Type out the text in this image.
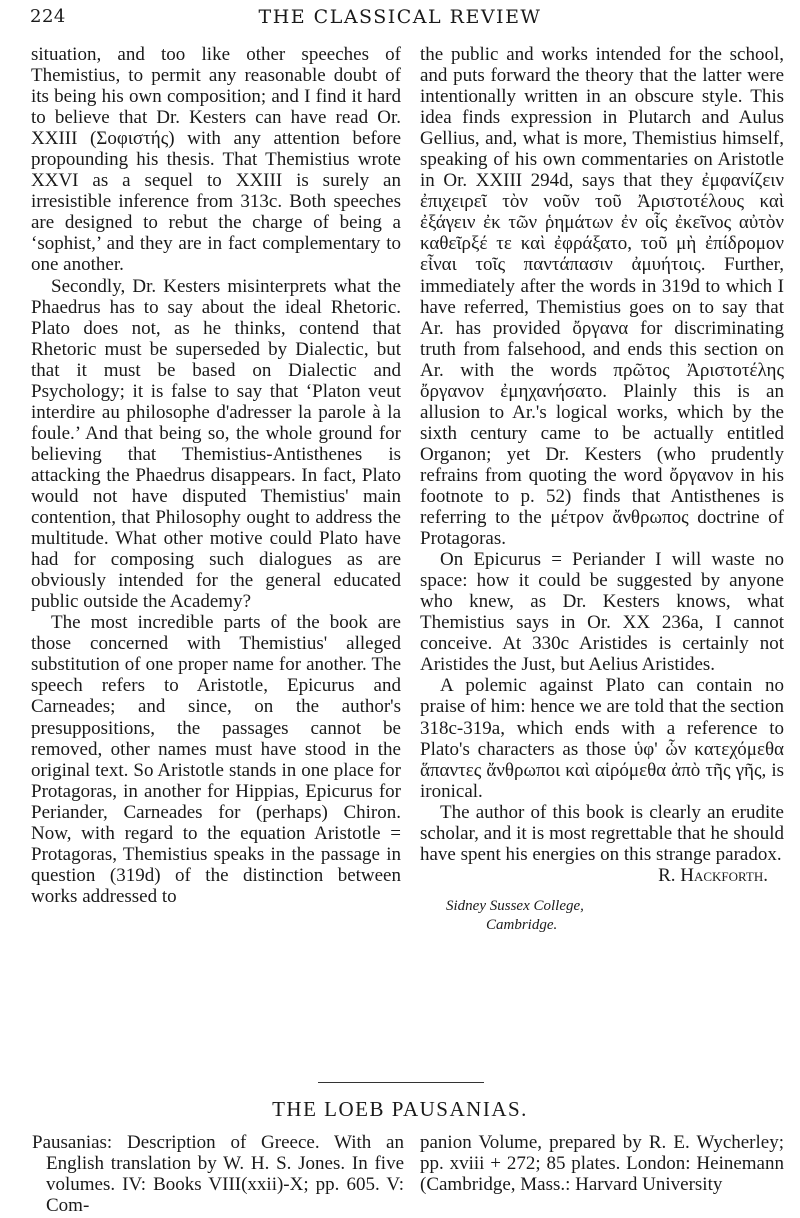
224	THE CLASSICAL REVIEW

situation, and too like other speeches of Themistius, to permit any reasonable doubt of its being his own composition; and I find it hard to believe that Dr. Kesters can have read Or. XXIII (Σοφιστής) with any attention before propounding his thesis. That Themistius wrote XXVI as a sequel to XXIII is surely an irresistible inference from 313c. Both speeches are designed to rebut the charge of being a ‘sophist,’ and they are in fact complementary to one another.

Secondly, Dr. Kesters misinterprets what the Phaedrus has to say about the ideal Rhetoric. Plato does not, as he thinks, contend that Rhetoric must be superseded by Dialectic, but that it must be based on Dialectic and Psychology; it is false to say that ‘Platon veut interdire au philosophe d'adresser la parole à la foule.’ And that being so, the whole ground for believing that Themistius-Antisthenes is attacking the Phaedrus disappears. In fact, Plato would not have disputed Themistius' main contention, that Philosophy ought to address the multitude. What other motive could Plato have had for composing such dialogues as are obviously intended for the general educated public outside the Academy?

The most incredible parts of the book are those concerned with Themistius' alleged substitution of one proper name for another. The speech refers to Aristotle, Epicurus and Carneades; and since, on the author's presuppositions, the passages cannot be removed, other names must have stood in the original text. So Aristotle stands in one place for Protagoras, in another for Hippias, Epicurus for Periander, Carneades for (perhaps) Chiron. Now, with regard to the equation Aristotle = Protagoras, Themistius speaks in the passage in question (319d) of the distinction between works addressed to

the public and works intended for the school, and puts forward the theory that the latter were intentionally written in an obscure style. This idea finds expression in Plutarch and Aulus Gellius, and, what is more, Themistius himself, speaking of his own commentaries on Aristotle in Or. XXIII 294d, says that they ἐμφανίζειν ἐπιχειρεῖ τὸν νοῦν τοῦ Ἀριστοτέλους καὶ ἐξάγειν ἐκ τῶν ῥημάτων ἐν οἷς ἐκεῖνος αὐτὸν καθεῖρξέ τε καὶ ἐφράξατο, τοῦ μὴ ἐπίδρομον εἶναι τοῖς παντάπασιν ἀμυήτοις. Further, immediately after the words in 319d to which I have referred, Themistius goes on to say that Ar. has provided ὄργανα for discriminating truth from falsehood, and ends this section on Ar. with the words πρῶτος Ἀριστοτέλης ὄργανον ἐμηχανήσατο. Plainly this is an allusion to Ar.'s logical works, which by the sixth century came to be actually entitled Organon; yet Dr. Kesters (who prudently refrains from quoting the word ὄργανον in his footnote to p. 52) finds that Antisthenes is referring to the μέτρον ἄνθρωπος doctrine of Protagoras.

On Epicurus = Periander I will waste no space: how it could be suggested by anyone who knew, as Dr. Kesters knows, what Themistius says in Or. XX 236a, I cannot conceive. At 330c Aristides is certainly not Aristides the Just, but Aelius Aristides.

A polemic against Plato can contain no praise of him: hence we are told that the section 318c-319a, which ends with a reference to Plato's characters as those ὑφ' ὧν κατεχόμεθα ἅπαντες ἄνθρωποι καὶ αἱρόμεθα ἀπὸ τῆς γῆς, is ironical.

The author of this book is clearly an erudite scholar, and it is most regrettable that he should have spent his energies on this strange paradox.

R. Hackforth.
Sidney Sussex College,
Cambridge.
THE LOEB PAUSANIAS.
Pausanias: Description of Greece. With an English translation by W. H. S. Jones. In five volumes. IV: Books VIII(xxii)-X; pp. 605. V: Com-
panion Volume, prepared by R. E. Wycherley; pp. xviii + 272; 85 plates. London: Heinemann (Cambridge, Mass.: Harvard University
